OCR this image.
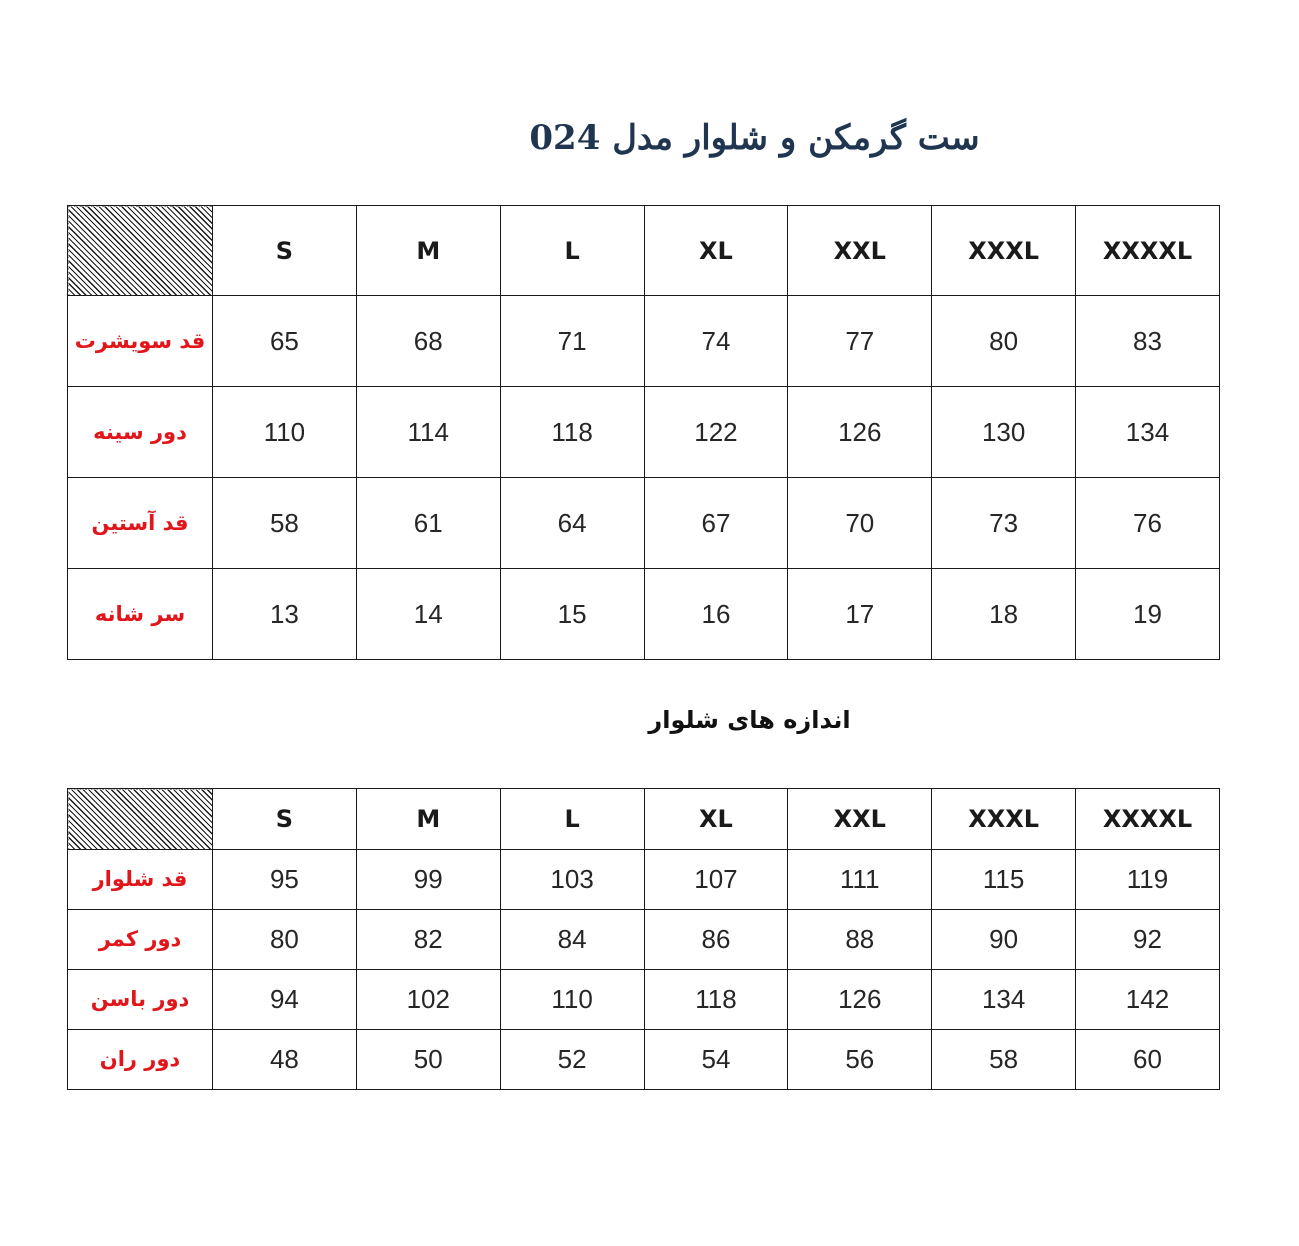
ست گرمکن و شلوار مدل 024
	S	M	L	XL	XXL	XXXL	XXXXL
قد سویشرت	65	68	71	74	77	80	83
دور سینه	110	114	118	122	126	130	134
قد آستین	58	61	64	67	70	73	76
سر شانه	13	14	15	16	17	18	19
اندازه های شلوار
	S	M	L	XL	XXL	XXXL	XXXXL
قد شلوار	95	99	103	107	111	115	119
دور کمر	80	82	84	86	88	90	92
دور باسن	94	102	110	118	126	134	142
دور ران	48	50	52	54	56	58	60
